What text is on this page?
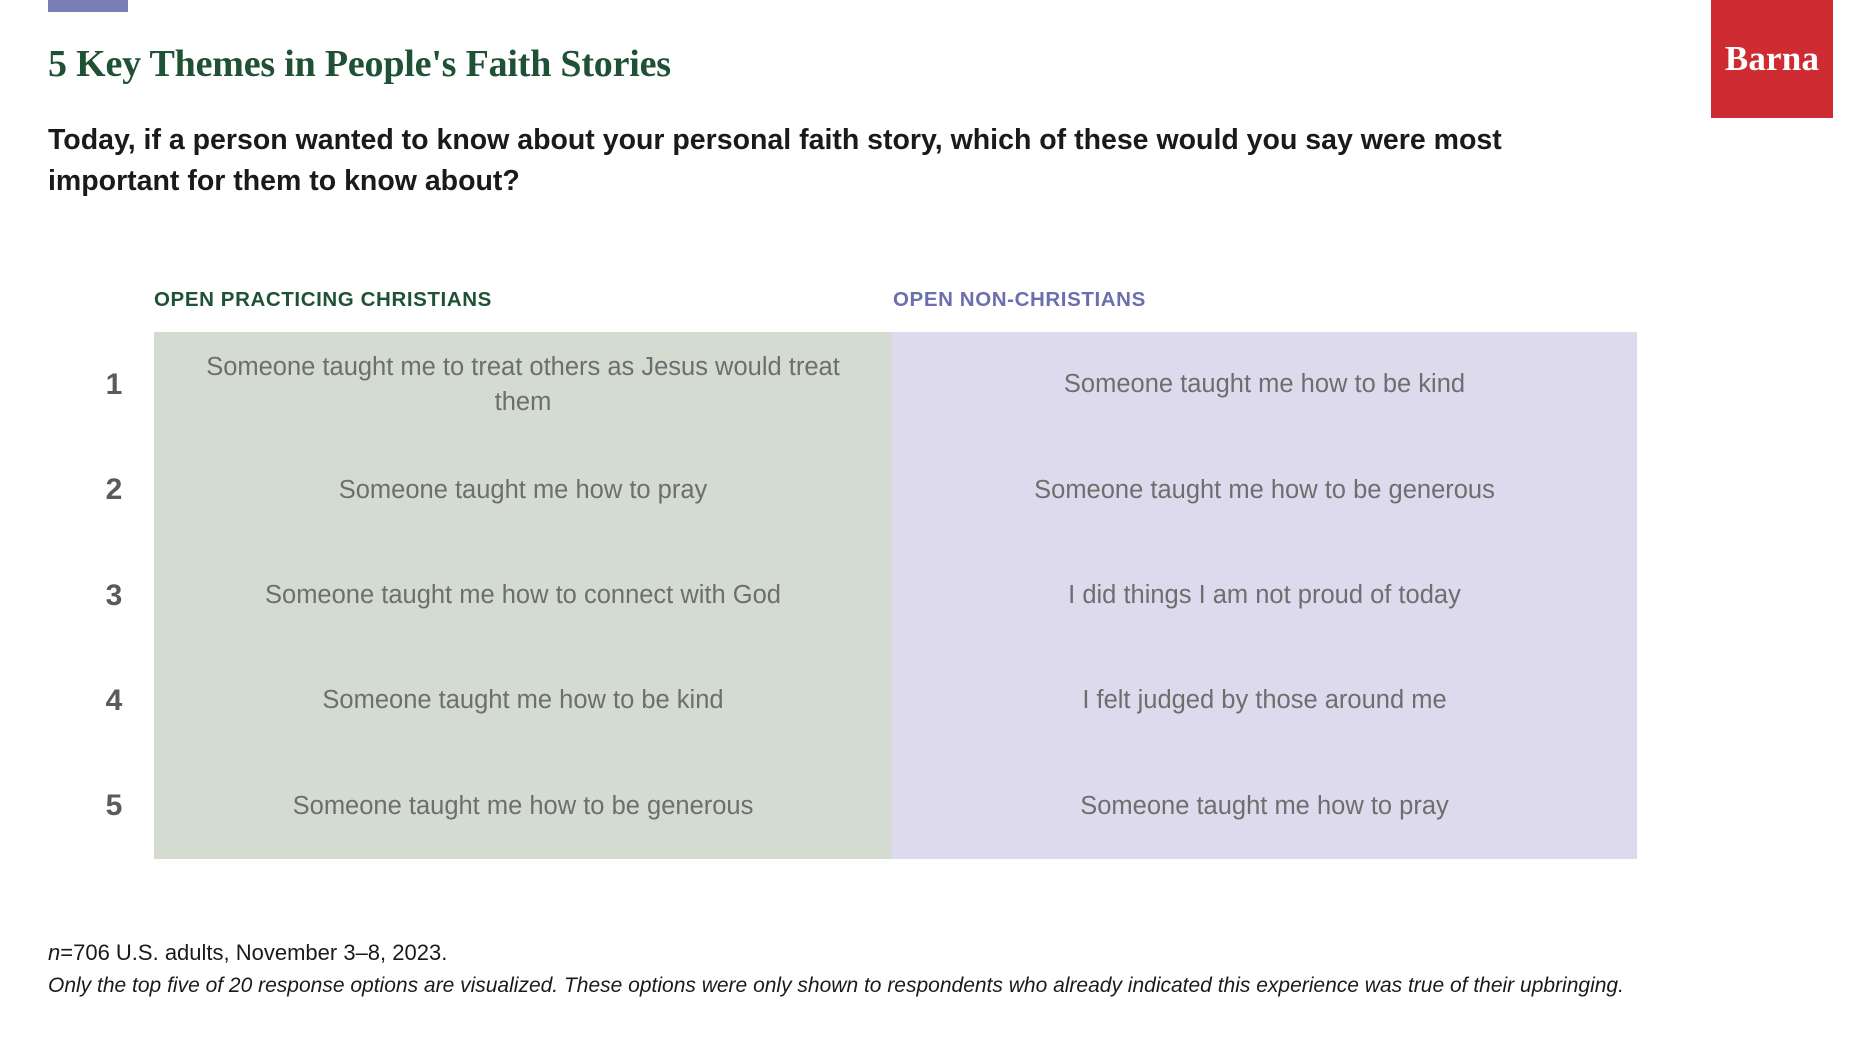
Barna
5 Key Themes in People's Faith Stories
Today, if a person wanted to know about your personal faith story, which of these would you say were most important for them to know about?
OPEN PRACTICING CHRISTIANS	OPEN NON-CHRISTIANS
1
2
3
4
5
Someone taught me to treat others as Jesus would treat them
Someone taught me how to pray
Someone taught me how to connect with God
Someone taught me how to be kind
Someone taught me how to be generous
Someone taught me how to be kind
Someone taught me how to be generous
I did things I am not proud of today
I felt judged by those around me
Someone taught me how to pray
n=706 U.S. adults, November 3–8, 2023.
Only the top five of 20 response options are visualized. These options were only shown to respondents who already indicated this experience was true of their upbringing.
